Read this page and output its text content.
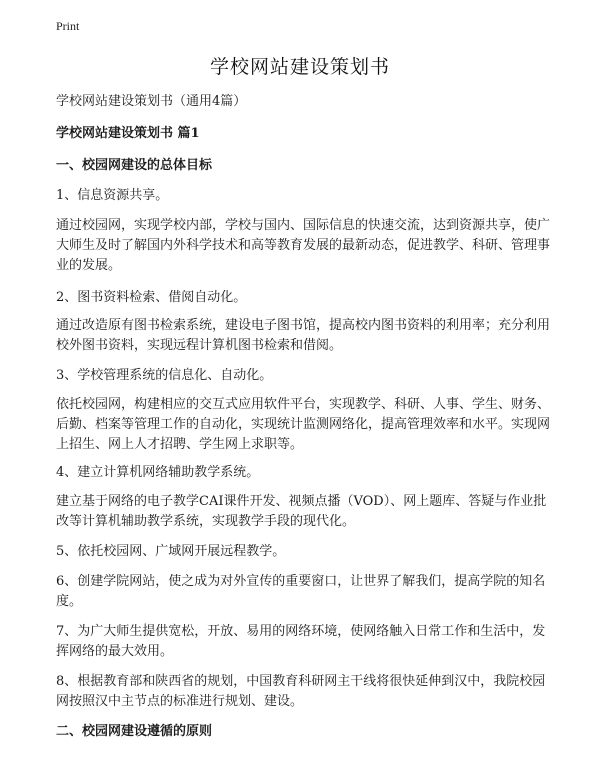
Print
学校网站建设策划书

学校网站建设策划书（通用4篇）

学校网站建设策划书 篇1

一、校园网建设的总体目标

1、信息资源共享。

通过校园网，实现学校内部，学校与国内、国际信息的快速交流，达到资源共享，使广大师生及时了解国内外科学技术和高等教育发展的最新动态，促进教学、科研、管理事业的发展。

2、图书资料检索、借阅自动化。

通过改造原有图书检索系统，建设电子图书馆，提高校内图书资料的利用率；充分利用校外图书资料，实现远程计算机图书检索和借阅。

3、学校管理系统的信息化、自动化。

依托校园网，构建相应的交互式应用软件平台，实现教学、科研、人事、学生、财务、后勤、档案等管理工作的自动化，实现统计监测网络化，提高管理效率和水平。实现网上招生、网上人才招聘、学生网上求职等。

4、建立计算机网络辅助教学系统。

建立基于网络的电子教学CAI课件开发、视频点播（VOD）、网上题库、答疑与作业批改等计算机辅助教学系统，实现教学手段的现代化。

5、依托校园网、广域网开展远程教学。

6、创建学院网站，使之成为对外宣传的重要窗口，让世界了解我们，提高学院的知名度。

7、为广大师生提供宽松，开放、易用的网络环境，使网络触入日常工作和生活中，发挥网络的最大效用。

8、根据教育部和陕西省的规划，中国教育科研网主干线将很快延伸到汉中，我院校园网按照汉中主节点的标准进行规划、建设。

二、校园网建设遵循的原则
